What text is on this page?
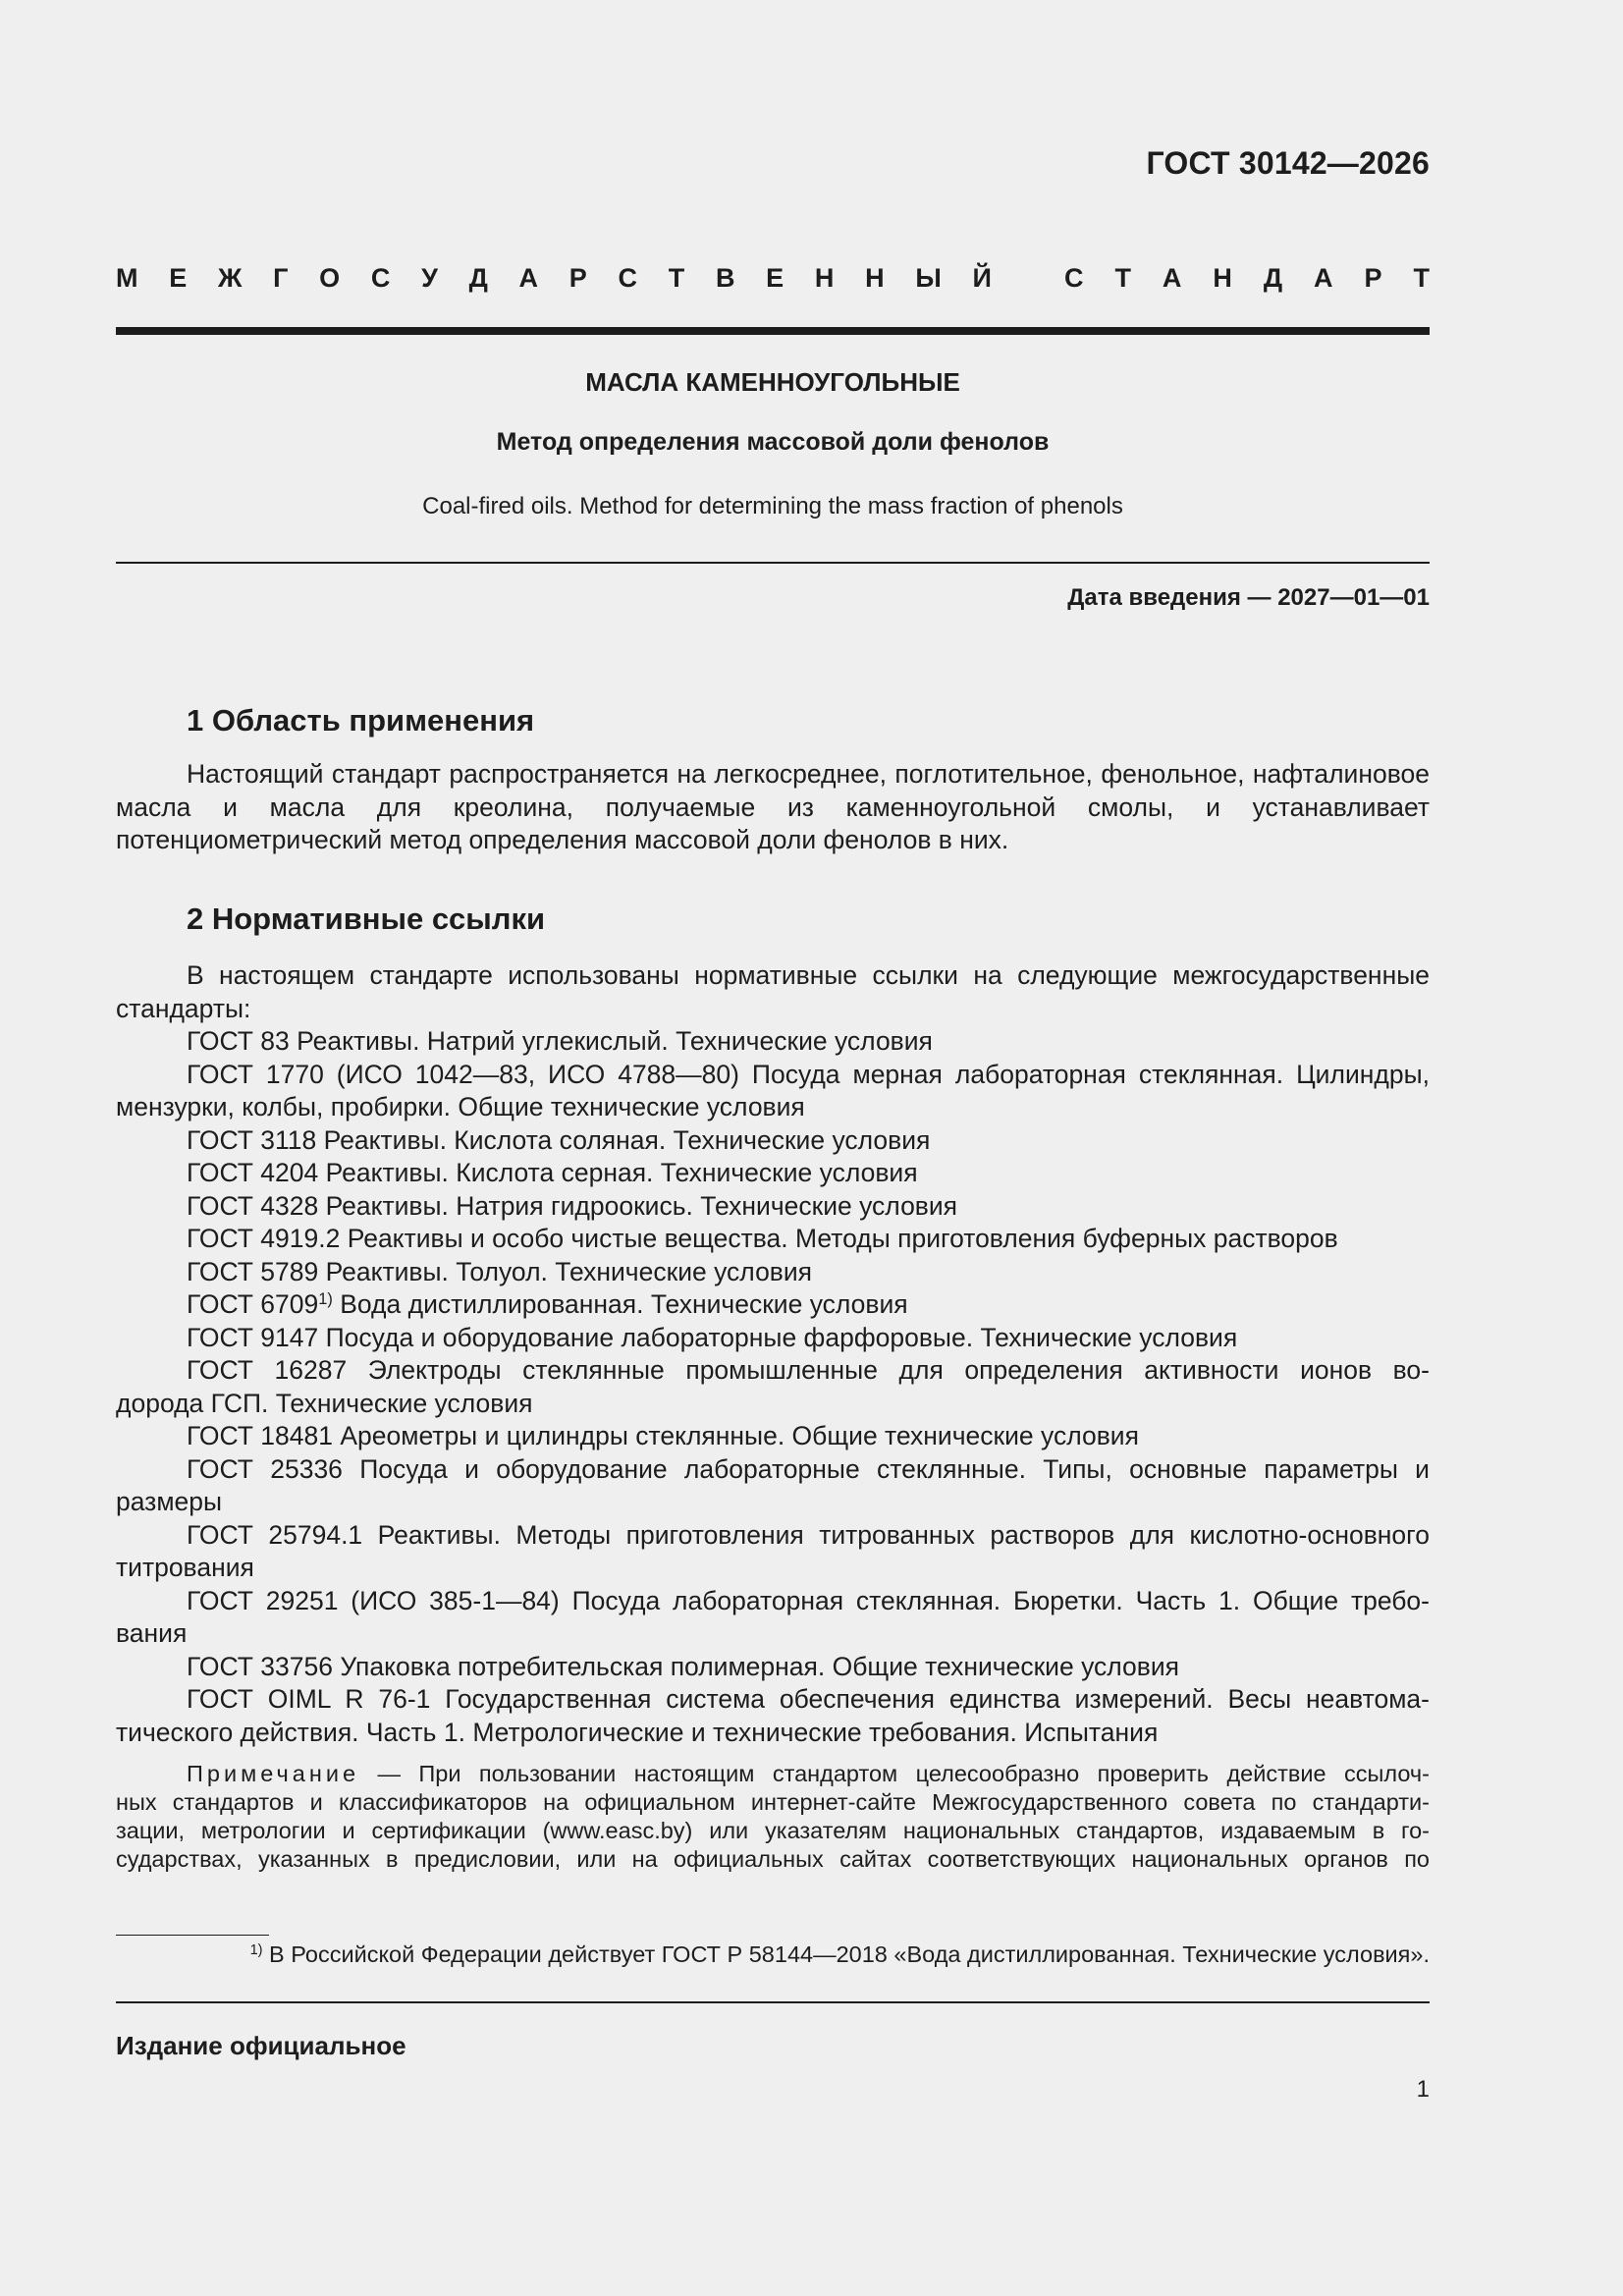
ГОСТ 30142—2026
М Е Ж Г О С У Д А Р С Т В Е Н Н Ы Й	С Т А Н Д А Р Т
МАСЛА КАМЕННОУГОЛЬНЫЕ
Метод определения массовой доли фенолов
Coal-fired oils. Method for determining the mass fraction of phenols
Дата введения — 2027—01—01
1 Область применения
Настоящий стандарт распространяется на легкосреднее, поглотительное, фенольное, нафталиновое масла и масла для креолина, получаемые из каменноугольной смолы, и устанавливает потенциометрический метод определения массовой доли фенолов в них.
2 Нормативные ссылки
В настоящем стандарте использованы нормативные ссылки на следующие межгосударственные стандарты:
ГОСТ 83 Реактивы. Натрий углекислый. Технические условия
ГОСТ 1770 (ИСО 1042—83, ИСО 4788—80) Посуда мерная лабораторная стеклянная. Цилиндры,
мензурки, колбы, пробирки. Общие технические условия
ГОСТ 3118 Реактивы. Кислота соляная. Технические условия
ГОСТ 4204 Реактивы. Кислота серная. Технические условия
ГОСТ 4328 Реактивы. Натрия гидроокись. Технические условия
ГОСТ 4919.2 Реактивы и особо чистые вещества. Методы приготовления буферных растворов
ГОСТ 5789 Реактивы. Толуол. Технические условия
ГОСТ 6709$^{1)}$ Вода дистиллированная. Технические условия
ГОСТ 9147 Посуда и оборудование лабораторные фарфоровые. Технические условия
ГОСТ 16287 Электроды стеклянные промышленные для определения активности ионов во-
дорода ГСП. Технические условия
ГОСТ 18481 Ареометры и цилиндры стеклянные. Общие технические условия
ГОСТ 25336 Посуда и оборудование лабораторные стеклянные. Типы, основные параметры и
размеры
ГОСТ 25794.1 Реактивы. Методы приготовления титрованных растворов для кислотно-основного
титрования
ГОСТ 29251 (ИСО 385-1—84) Посуда лабораторная стеклянная. Бюретки. Часть 1. Общие требо-
вания
ГОСТ 33756 Упаковка потребительская полимерная. Общие технические условия
ГОСТ OIML R 76-1 Государственная система обеспечения единства измерений. Весы неавтома-
тического действия. Часть 1. Метрологические и технические требования. Испытания
Примечание — При пользовании настоящим стандартом целесообразно проверить действие ссылоч-
ных стандартов и классификаторов на официальном интернет-сайте Межгосударственного совета по стандарти-
зации, метрологии и сертификации (www.easc.by) или указателям национальных стандартов, издаваемым в го-
сударствах, указанных в предисловии, или на официальных сайтах соответствующих национальных органов по
$^{1)}$ В Российской Федерации действует ГОСТ Р 58144—2018 «Вода дистиллированная. Технические условия».
Издание официальное
1
